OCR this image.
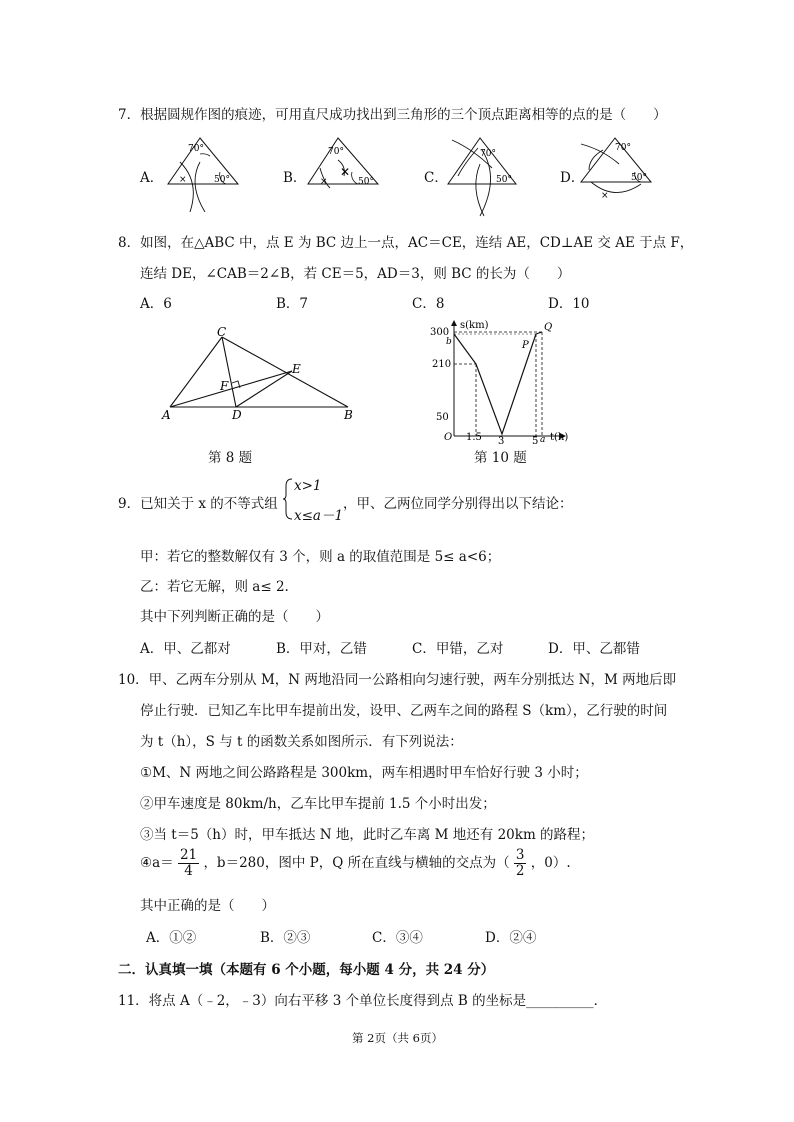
7．根据圆规作图的痕迹，可用直尺成功找出到三角形的三个顶点距离相等的点的是（　　）
A．	B．	C．	D．
×
70°
50°	×
✕
70°
50°
70°
50°
×
70°
50°
8．如图，在△ABC 中，点 E 为 BC 边上一点，AC＝CE，连结 AE，CD⊥AE 交 AE 于点 F，
连结 DE，∠CAB＝2∠B，若 CE＝5，AD＝3，则 BC 的长为（　　）
A．6	B．7	C．8	D．10
C
A	D	B
E
F
第 8 题
s(km)
t(h)
300
b
210
50
O 1.5 3	5 a
P
Q
第 10 题
9．已知关于 x 的不等式组
x>1
x≤a－1
，甲、乙两位同学分别得出以下结论：
甲：若它的整数解仅有 3 个，则 a 的取值范围是 5≤ a<6；
乙：若它无解，则 a≤ 2.
其中下列判断正确的是（　　）
A．甲、乙都对	B．甲对，乙错	C．甲错，乙对	D．甲、乙都错
10．甲、乙两车分别从 M，N 两地沿同一公路相向匀速行驶，两车分别抵达 N，M 两地后即
停止行驶．已知乙车比甲车提前出发，设甲、乙两车之间的路程 S（km），乙行驶的时间
为 t（h），S 与 t 的函数关系如图所示．有下列说法：
①M、N 两地之间公路路程是 300km，两车相遇时甲车恰好行驶 3 小时；
②甲车速度是 80km/h，乙车比甲车提前 1.5 个小时出发；
③当 t＝5（h）时，甲车抵达 N 地，此时乙车离 M 地还有 20km 的路程；
④a＝ $\frac{21}{4}$ ，b＝280，图中 P，Q 所在直线与横轴的交点为（ $\frac{3}{2}$ ，0）.
其中正确的是（　　）
A．①②	B．②③	C．③④	D．②④
二．认真填一填（本题有 6 个小题，每小题 4 分，共 24 分）
11．将点 A（﹣2，﹣3）向右平移 3 个单位长度得到点 B 的坐标是__________．
第 2页（共 6页）
